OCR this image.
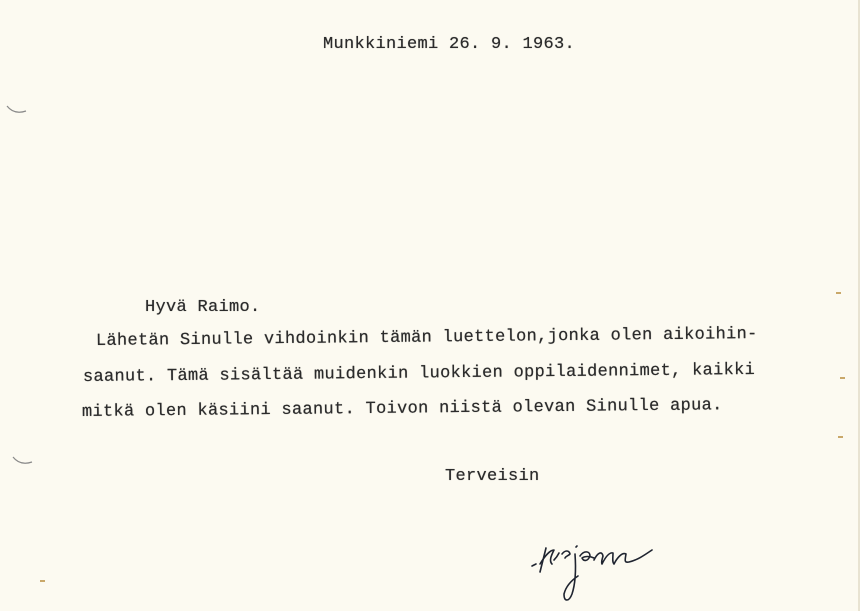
Munkkiniemi 26. 9. 1963.
Hyvä Raimo.
Lähetän Sinulle vihdoinkin tämän luettelon,jonka olen aikoihin-
saanut. Tämä sisältää muidenkin luokkien oppilaidennimet, kaikki
mitkä olen käsiini saanut. Toivon niistä olevan Sinulle apua.
Terveisin
